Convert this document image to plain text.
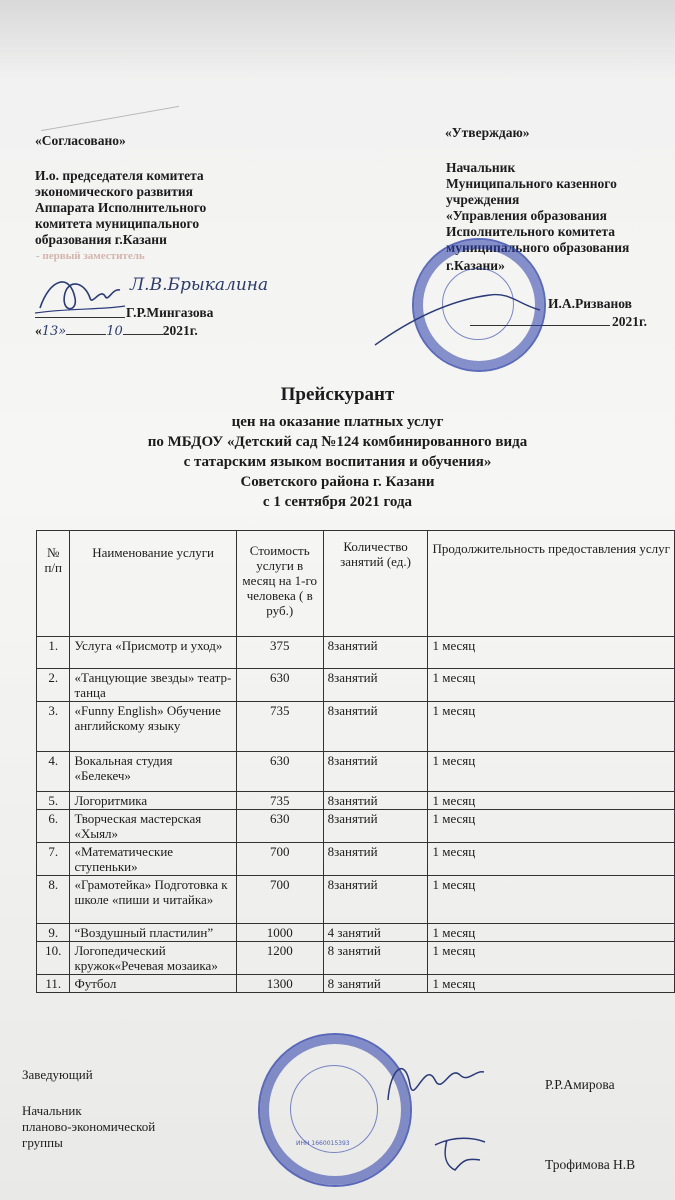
«Согласовано»
И.о. председателя комитета
экономического развития
Аппарата Исполнительного
комитета муниципального
образования г.Казани
- первый заместитель
Л.В.Брыкалина
Г.Р.Мингазова
«13»	10	2021г.
«Утверждаю»
Начальник
Муниципального казенного
учреждения
«Управления образования
Исполнительного комитета
муниципального образования
г.Казани»
И.А.Ризванов
2021г.
Прейскурант
цен на оказание платных услуг
по МБДОУ «Детский сад №124 комбинированного вида
с татарским языком воспитания и обучения»
Советского района г. Казани
с 1 сентября 2021 года
№ п/п	Наименование услуги	Стоимость услуги в месяц на 1-го человека ( в руб.)	Количество занятий (ед.)	Продолжительность предоставления услуг
1.	Услуга «Присмотр и уход»	375	8занятий	1 месяц
2.	«Танцующие звезды» театр-танца	630	8занятий	1 месяц
3.	«Funny English» Обучение английскому языку	735	8занятий	1 месяц
4.	Вокальная студия «Белекеч»	630	8занятий	1 месяц
5.	Логоритмика	735	8занятий	1 месяц
6.	Творческая мастерская «Хыял»	630	8занятий	1 месяц
7.	«Математические ступеньки»	700	8занятий	1 месяц
8.	«Грамотейка» Подготовка к школе «пиши и читайка»	700	8занятий	1 месяц
9.	“Воздушный пластилин”	1000	4 занятий	1 месяц
10.	Логопедический кружок«Речевая мозаика»	1200	8 занятий	1 месяц
11.	Футбол	1300	8 занятий	1 месяц
ИНН 1660015393
Заведующий
Р.Р.Амирова
Начальник
планово-экономической
группы
Трофимова Н.В
